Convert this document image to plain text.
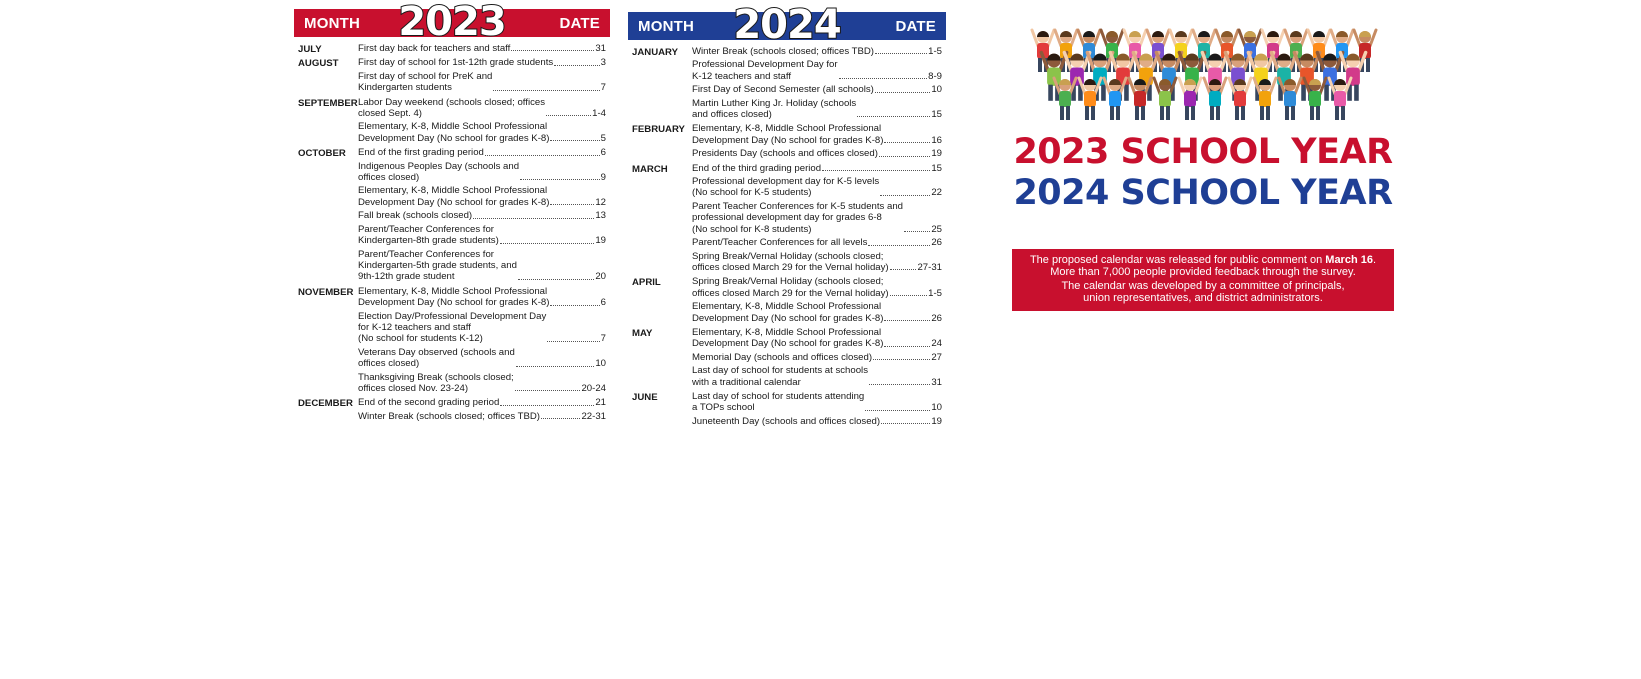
MONTH 2023	DATE
JULY	First day back for teachers and staff	31
AUGUST	First day of school for 1st-12th grade students	3
First day of school for PreK and
Kindergarten students	7
SEPTEMBER Labor Day weekend (schools closed; offices
closed Sept. 4)	1-4
Elementary, K-8, Middle School Professional
Development Day (No school for grades K-8)	5
OCTOBER	End of the first grading period	6
Indigenous Peoples Day (schools and
offices closed)	9
Elementary, K-8, Middle School Professional
Development Day (No school for grades K-8)	12
Fall break (schools closed)	13
Parent/Teacher Conferences for
Kindergarten-8th grade students)	19
Parent/Teacher Conferences for
Kindergarten-5th grade students, and
9th-12th grade student	20
NOVEMBER Elementary, K-8, Middle School Professional
Development Day (No school for grades K-8)	6
Election Day/Professional Development Day
for K-12 teachers and staff
(No school for students K-12)	7
Veterans Day observed (schools and
offices closed)	10
Thanksgiving Break (schools closed;
offices closed Nov. 23-24)	20-24
DECEMBER End of the second grading period	21
Winter Break (schools closed; offices TBD)	22-31
MONTH 2024	DATE
JANUARY	Winter Break (schools closed; offices TBD)	1-5
Professional Development Day for
K-12 teachers and staff	8-9
First Day of Second Semester (all schools)	10
Martin Luther King Jr. Holiday (schools
and offices closed)	15
FEBRUARY Elementary, K-8, Middle School Professional
Development Day (No school for grades K-8)	16
Presidents Day (schools and offices closed)	19
MARCH	End of the third grading period	15
Professional development day for K-5 levels
(No school for K-5 students)	22
Parent Teacher Conferences for K-5 students and
professional development day for grades 6-8
(No school for K-8 students)	25
Parent/Teacher Conferences for all levels	26
Spring Break/Vernal Holiday (schools closed;
offices closed March 29 for the Vernal holiday)	27-31
APRIL	Spring Break/Vernal Holiday (schools closed;
offices closed March 29 for the Vernal holiday)	1-5
Elementary, K-8, Middle School Professional
Development Day (No school for grades K-8)	26
MAY	Elementary, K-8, Middle School Professional
Development Day (No school for grades K-8)	24
Memorial Day (schools and offices closed)	27
Last day of school for students at schools
with a traditional calendar	31
JUNE	Last day of school for students attending
a TOPs school	10
Juneteenth Day (schools and offices closed)	19
2023 SCHOOL YEAR
2024 SCHOOL YEAR

The proposed calendar was released for public comment on March 16.
More than 7,000 people provided feedback through the survey.

The calendar was developed by a committee of principals,
union representatives, and district administrators.
